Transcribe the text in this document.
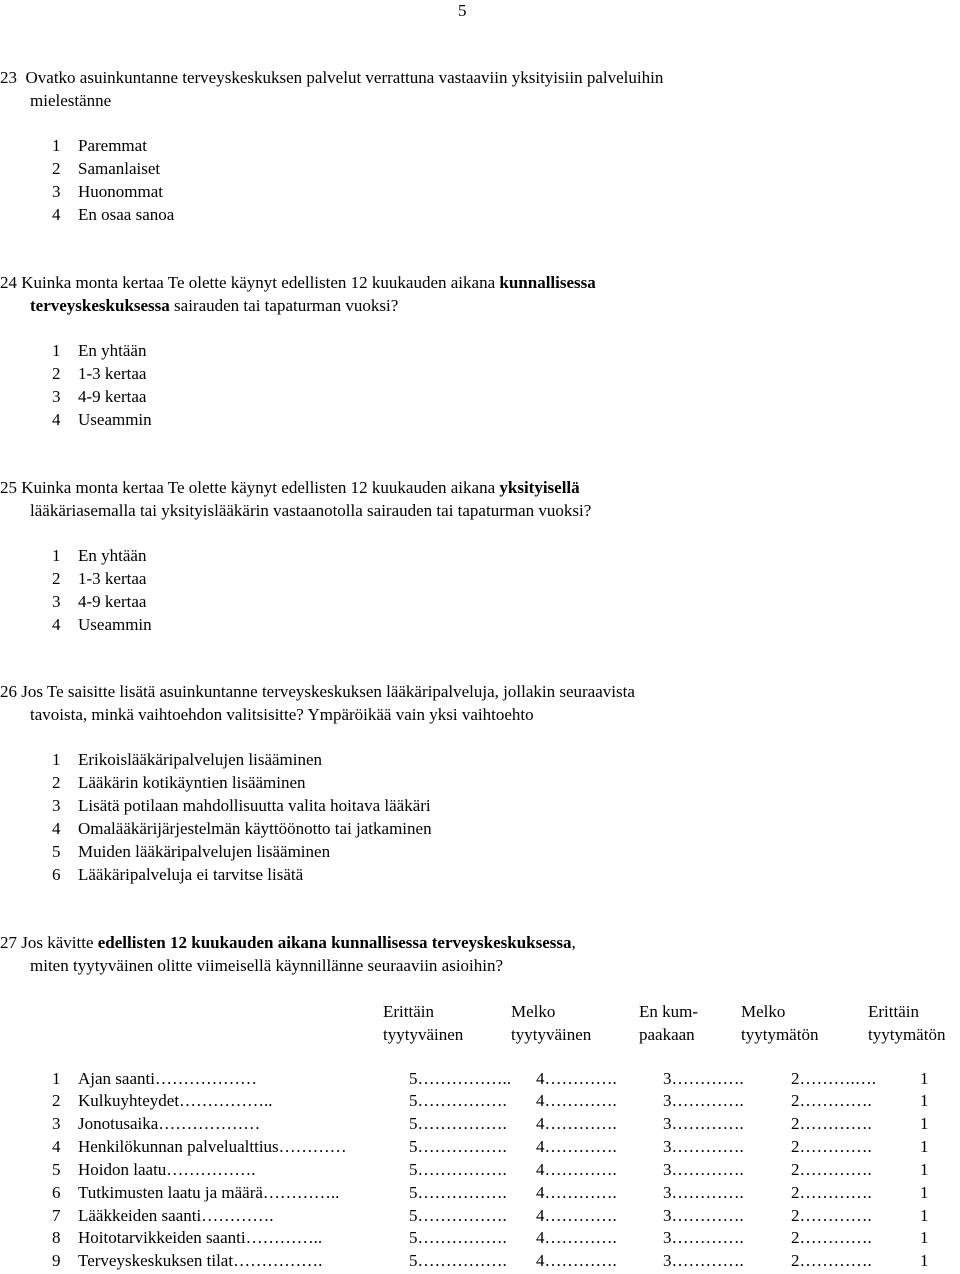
5
23 Ovatko asuinkuntanne terveyskeskuksen palvelut verrattuna vastaaviin yksityisiin palveluihin
mielestänne
1 Paremmat
2 Samanlaiset
3 Huonommat
4 En osaa sanoa
24 Kuinka monta kertaa Te olette käynyt edellisten 12 kuukauden aikana kunnallisessa
terveyskeskuksessa sairauden tai tapaturman vuoksi?
1 En yhtään
2 1-3 kertaa
3 4-9 kertaa
4 Useammin
25 Kuinka monta kertaa Te olette käynyt edellisten 12 kuukauden aikana yksityisellä
lääkäriasemalla tai yksityislääkärin vastaanotolla sairauden tai tapaturman vuoksi?
1 En yhtään
2 1-3 kertaa
3 4-9 kertaa
4 Useammin
26 Jos Te saisitte lisätä asuinkuntanne terveyskeskuksen lääkäripalveluja, jollakin seuraavista
tavoista, minkä vaihtoehdon valitsisitte? Ympäröikää vain yksi vaihtoehto
1 Erikoislääkäripalvelujen lisääminen
2 Lääkärin kotikäyntien lisääminen
3 Lisätä potilaan mahdollisuutta valita hoitava lääkäri
4 Omalääkärijärjestelmän käyttöönotto tai jatkaminen
5 Muiden lääkäripalvelujen lisääminen
6 Lääkäripalveluja ei tarvitse lisätä
27 Jos kävitte edellisten 12 kuukauden aikana kunnallisessa terveyskeskuksessa,
miten tyytyväinen olitte viimeisellä käynnillänne seuraaviin asioihin?
Erittäin
tyytyväinen
Melko
tyytyväinen
En kum-
paakaan
Melko
tyytymätön
Erittäin
tyytymätön
1 Ajan saanti………………	5…………….. 4………….	3………….	2……….….	1
2 Kulkuyhteydet……………..	5……………. 4………….	3………….	2………….	1
3 Jonotusaika………………	5……………. 4………….	3………….	2………….	1
4 Henkilökunnan palvelualttius…………	5……………. 4………….	3………….	2………….	1
5 Hoidon laatu…………….	5……………. 4………….	3………….	2………….	1
6 Tutkimusten laatu ja määrä…………..	5……………. 4………….	3………….	2………….	1
7 Lääkkeiden saanti………….	5……………. 4………….	3………….	2………….	1
8 Hoitotarvikkeiden saanti…………..	5……………. 4………….	3………….	2………….	1
9 Terveyskeskuksen tilat…………….	5……………. 4………….	3………….	2………….	1
